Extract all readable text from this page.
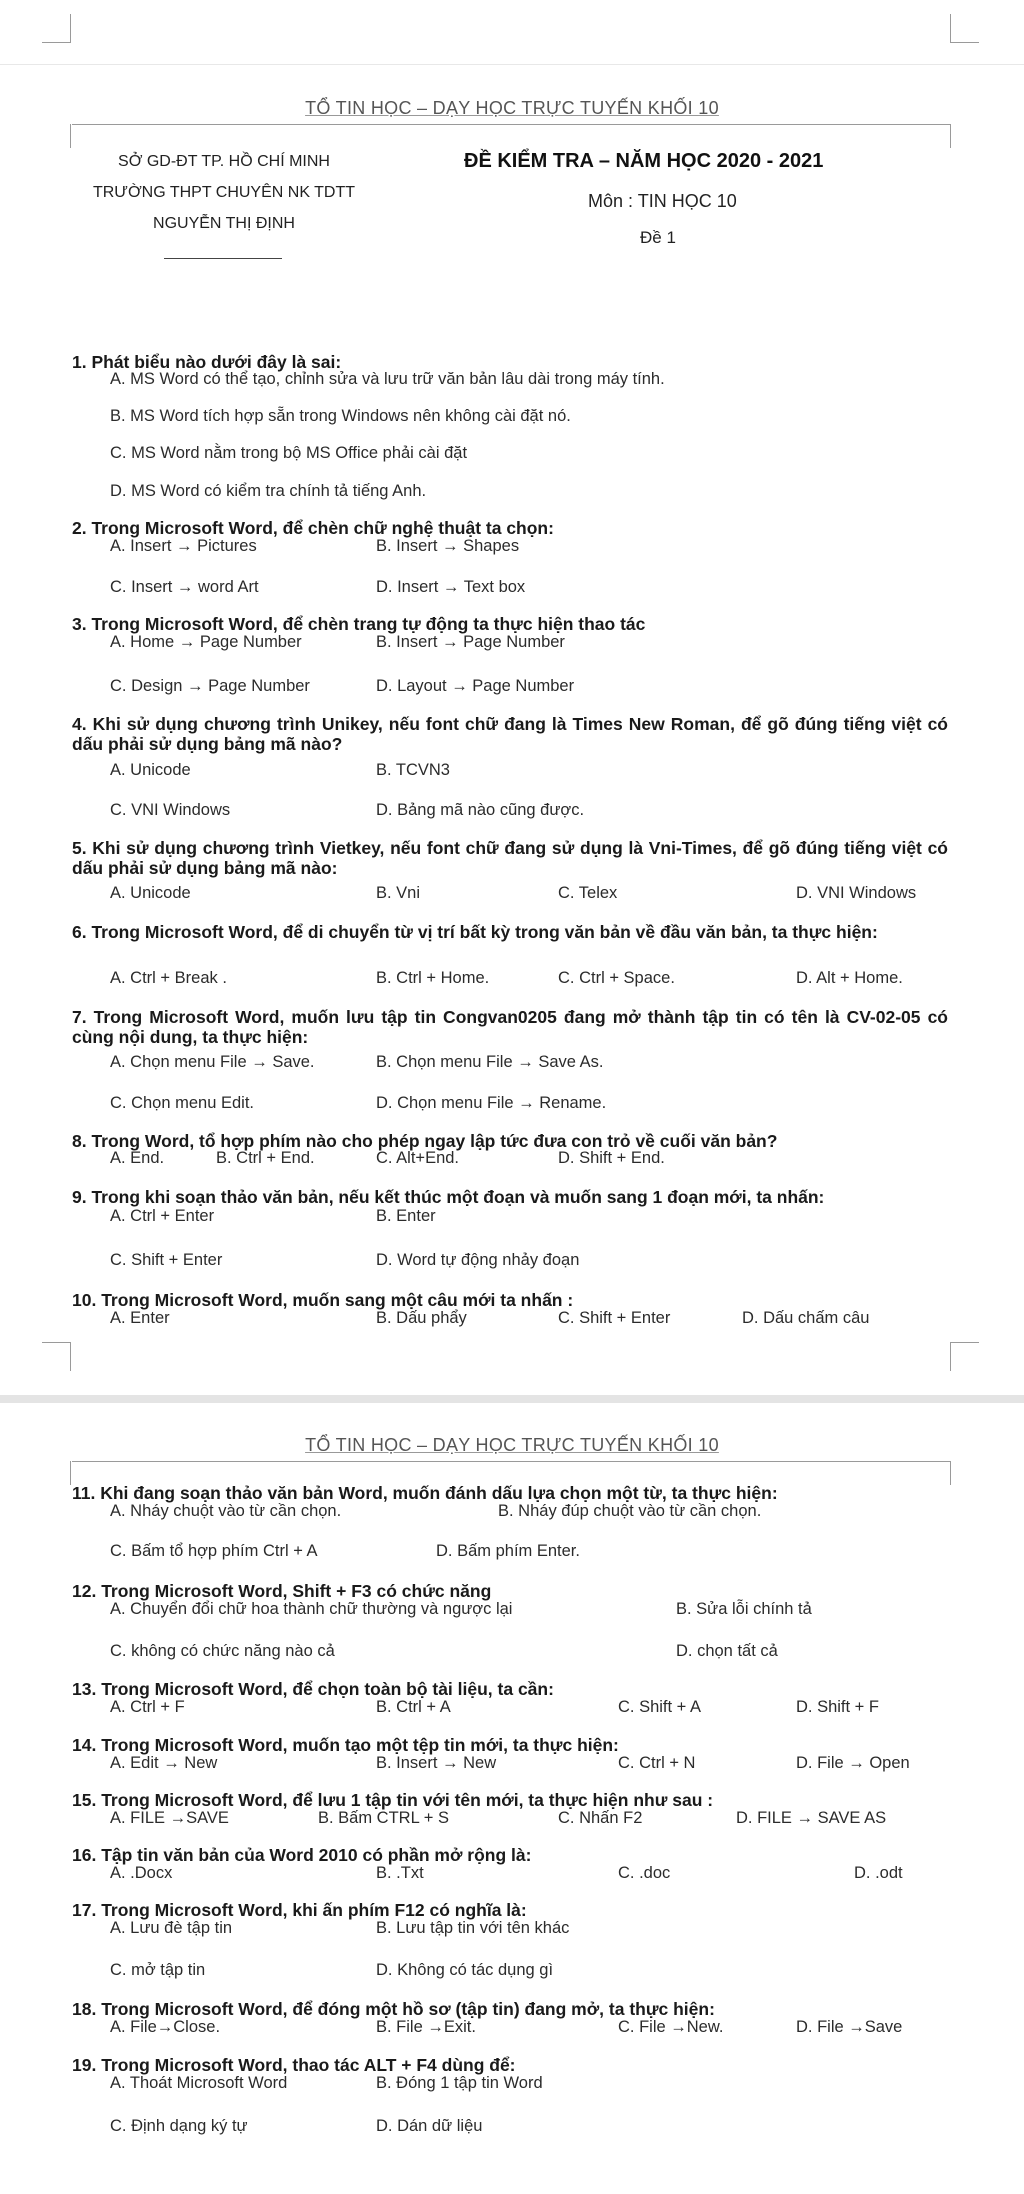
TỔ TIN HỌC – DẠY HỌC TRỰC TUYẾN KHỐI 10
SỞ GD-ĐT TP. HỒ CHÍ MINH
TRƯỜNG THPT CHUYÊN NK TDTT
NGUYỄN THỊ ĐỊNH
ĐỀ KIỂM TRA – NĂM HỌC 2020 - 2021
Môn : TIN HỌC 10
Đề 1
1. Phát biểu nào dưới đây là sai:
A. MS Word có thể tạo, chỉnh sửa và lưu trữ văn bản lâu dài trong máy tính.
B. MS Word tích hợp sẵn trong Windows nên không cài đặt nó.
C. MS Word nằm trong bộ MS Office phải cài đặt
D. MS Word có kiểm tra chính tả tiếng Anh.
2. Trong Microsoft Word, để chèn chữ nghệ thuật ta chọn:
A. Insert → Pictures	B. Insert → Shapes
C. Insert → word Art	D. Insert → Text box
3. Trong Microsoft Word, để chèn trang tự động ta thực hiện thao tác
A. Home → Page Number	B. Insert → Page Number
C. Design → Page Number	D. Layout → Page Number
4. Khi sử dụng chương trình Unikey, nếu font chữ đang là Times New Roman, để gõ đúng tiếng việt có dấu phải sử dụng bảng mã nào?
A. Unicode	B. TCVN3
C. VNI Windows	D. Bảng mã nào cũng được.
5. Khi sử dụng chương trình Vietkey, nếu font chữ đang sử dụng là Vni-Times, để gõ đúng tiếng việt có dấu phải sử dụng bảng mã nào:
A. Unicode	B. Vni	C. Telex	D. VNI Windows
6. Trong Microsoft Word, để di chuyển từ vị trí bất kỳ trong văn bản về đầu văn bản, ta thực hiện:
A. Ctrl + Break .	B. Ctrl + Home.	C. Ctrl + Space.	D. Alt + Home.
7. Trong Microsoft Word, muốn lưu tập tin Congvan0205 đang mở thành tập tin có tên là CV-02-05 có cùng nội dung, ta thực hiện:
A. Chọn menu File → Save.	B. Chọn menu File → Save As.
C. Chọn menu Edit.	D. Chọn menu File → Rename.
8. Trong Word, tổ hợp phím nào cho phép ngay lập tức đưa con trỏ về cuối văn bản?
A. End.	B. Ctrl + End.	C. Alt+End.	D. Shift + End.
9. Trong khi soạn thảo văn bản, nếu kết thúc một đoạn và muốn sang 1 đoạn mới, ta nhấn:
A. Ctrl + Enter	B. Enter
C. Shift + Enter	D. Word tự động nhảy đoạn
10. Trong Microsoft Word, muốn sang một câu mới ta nhấn :
A. Enter	B. Dấu phẩy	C. Shift + Enter	D. Dấu chấm câu
TỔ TIN HỌC – DẠY HỌC TRỰC TUYẾN KHỐI 10
11. Khi đang soạn thảo văn bản Word, muốn đánh dấu lựa chọn một từ, ta thực hiện:
A. Nháy chuột vào từ cần chọn.	B. Nháy đúp chuột vào từ cần chọn.
C. Bấm tổ hợp phím Ctrl + A	D. Bấm phím Enter.
12. Trong Microsoft Word, Shift + F3 có chức năng
A. Chuyển đổi chữ hoa thành chữ thường và ngược lại	B. Sửa lỗi chính tả
C. không có chức năng nào cả	D. chọn tất cả
13. Trong Microsoft Word, để chọn toàn bộ tài liệu, ta cần:
A. Ctrl + F	B. Ctrl + A	C. Shift + A	D. Shift + F
14. Trong Microsoft Word, muốn tạo một tệp tin mới, ta thực hiện:
A. Edit → New	B. Insert → New	C. Ctrl + N	D. File → Open
15. Trong Microsoft Word, để lưu 1 tập tin với tên mới, ta thực hiện như sau :
A. FILE →SAVE	B. Bấm CTRL + S	C. Nhấn F2	D. FILE → SAVE AS
16. Tập tin văn bản của Word 2010 có phần mở rộng là:
A. .Docx	B. .Txt	C. .doc	D. .odt
17. Trong Microsoft Word, khi ấn phím F12 có nghĩa là:
A. Lưu đè tập tin	B. Lưu tập tin với tên khác
C. mở tập tin	D. Không có tác dụng gì
18. Trong Microsoft Word, để đóng một hồ sơ (tập tin) đang mở, ta thực hiện:
A. File→Close.	B. File →Exit.	C. File →New.	D. File →Save
19. Trong Microsoft Word, thao tác ALT + F4 dùng để:
A. Thoát Microsoft Word	B. Đóng 1 tập tin Word
C. Định dạng ký tự	D. Dán dữ liệu
